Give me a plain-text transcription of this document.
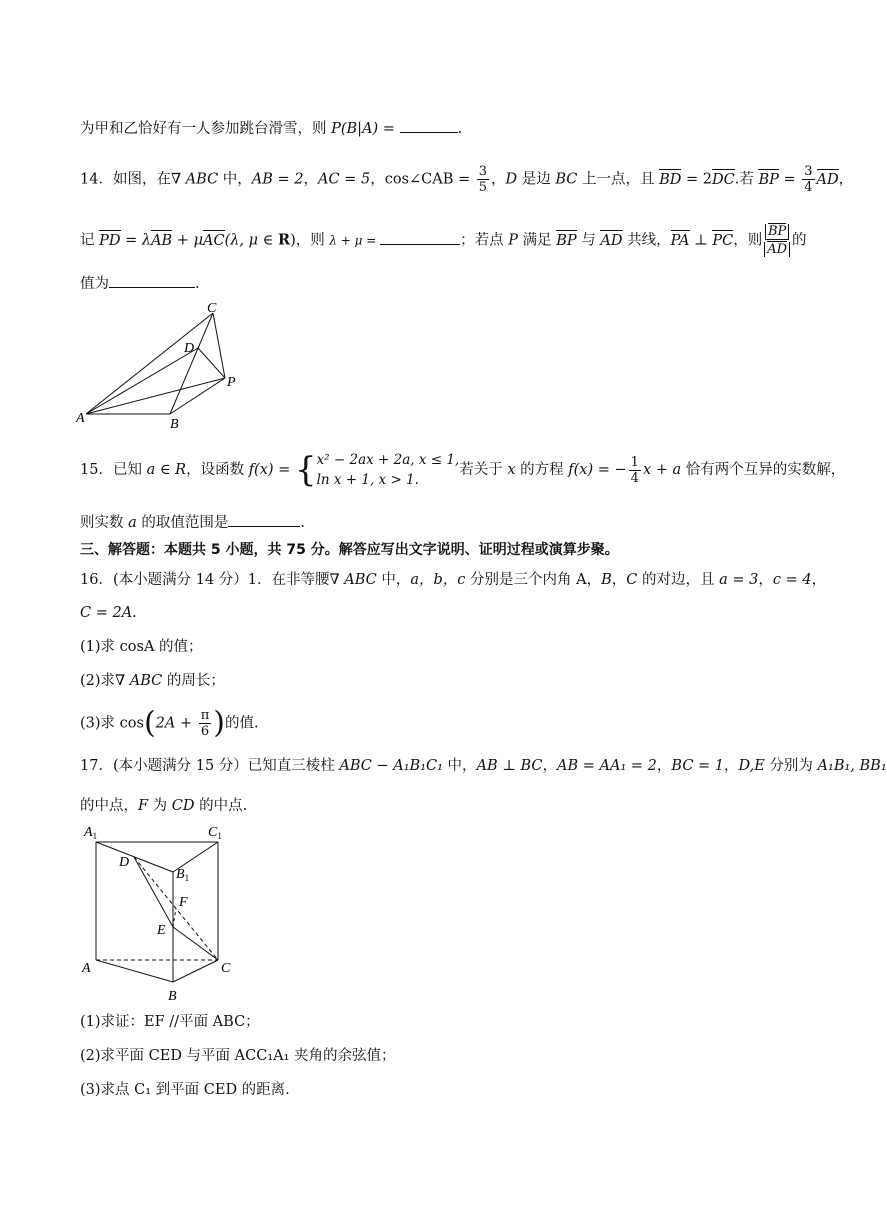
为甲和乙恰好有一人参加跳台滑雪，则 P(B|A) =	.
14．如图，在∇ ABC 中，AB = 2，AC = 5，cos∠CAB = $\frac{3}{5}$ ，D 是边 BC 上一点，且 BD = 2DC.若 BP = $\frac{3}{4}$ AD，
记 PD = λAB + μAC(λ, μ ∈ R)，则 λ + μ =	；若点 P 满足 BP 与 AD 共线，PA ⊥ PC，则 $\frac{BP}{AD}$ 的
值为	.
A	B
C
D
P
15．已知 a ∈ R，设函数 f(x) = { x² − 2ax + 2a, x ≤ 1,
ln x + 1, x > 1.
若关于 x 的方程 f(x) = − $\frac{1}{4}$ x + a 恰有两个互异的实数解，
则实数 a 的取值范围是	.
三、解答题：本题共 5 小题，共 75 分。解答应写出文字说明、证明过程或演算步聚。
16．(本小题满分 14 分）1．在非等腰∇ ABC 中，a，b，c 分别是三个内角 A，B，C 的对边，且 a = 3，c = 4，
C = 2A.
(1)求 cosA 的值；
(2)求∇ ABC 的周长；
(3)求 $\cos(2A + \frac{\pi}{6}$ )的值.
17．(本小题满分 15 分）已知直三棱柱 ABC − A₁B₁C₁ 中，AB ⊥ BC，AB = AA₁ = 2，BC = 1，D,E 分别为 A₁B₁, BB₁
的中点，F 为 CD 的中点.
$A_1$	$C_1$
$B_1$
D
F
E
A	C
B
(1)求证：EF //平面 ABC；
(2)求平面 CED 与平面 ACC₁A₁ 夹角的余弦值；
(3)求点 C₁ 到平面 CED 的距离.
